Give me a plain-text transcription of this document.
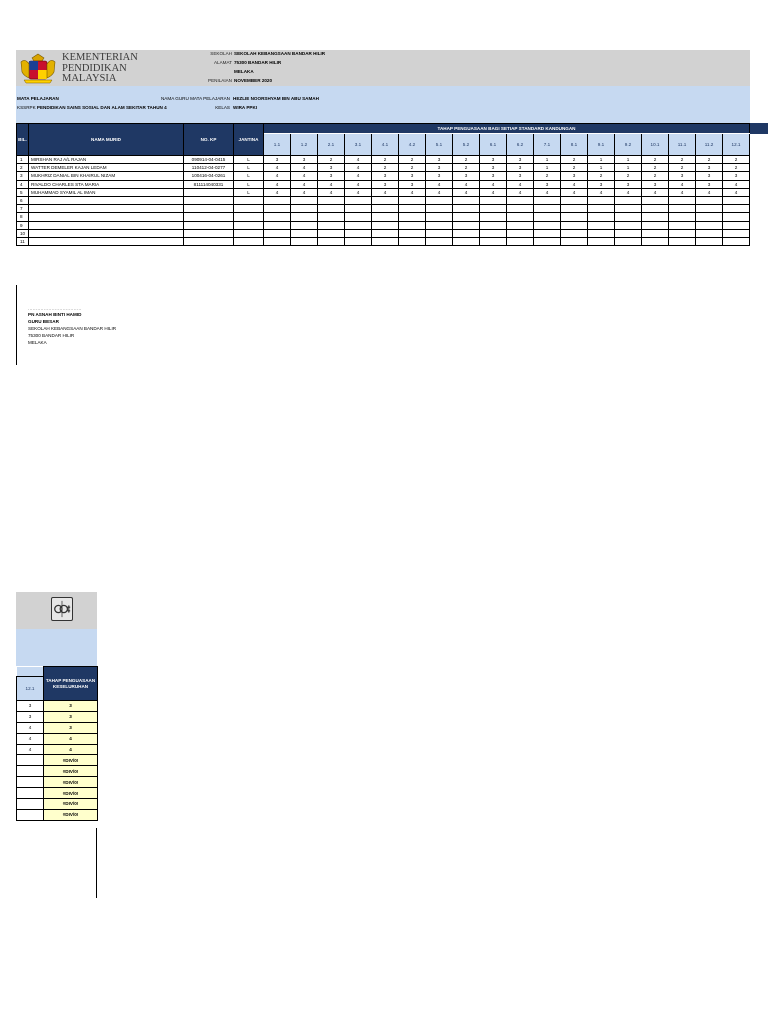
KEMENTERIAN
PENDIDIKAN
MALAYSIA
SEKOLAH SEKOLAH KEBANGSAAN BANDAR HILIR
ALAMAT 75300 BANDAR HILIR
MELAKA
PENILAIAN NOVEMBER 2020
MATA PELAJARAN
KSSRPK PENDIDIKAN SAINS SOSIAL DAN ALAM SEKITAR TAHUN 4
NAMA GURU MATA PELAJARAN HEZLIE NOORSHYAM BIN ABU SAMAH
KELAS WIRA PPKI
BIL.	NAMA MURID	NO. KP	JANTINA	TAHAP PENGUASAAN BAGI SETIAP STANDARD KANDUNGAN																	
				1.1	1.2	2.1	3.1	4.1	4.2	5.1	5.2	6.1	6.2	7.1	8.1	9.1	9.2	10.1	11.1	11.2	12.1
1	MIRSHAN RAJ A/L RAJAN	090914-04-0415	L	3	3	2	4	2	2	3	2	3	3	1	2	1	1	2	2	2	2
2	WATTER DEMELER KAJAN LEDAM	110412-04-0277	L	4	4	3	4	2	2	3	2	3	3	1	2	1	1	2	2	3	2
3	MUKHRIZ DANIAL BIN KHAIRUL NIZAM	100416-04-0261	L	4	4	3	4	3	3	3	3	3	3	2	3	2	2	2	3	3	3
4	RIVALDO CHARLES STA MARIA	811114040331	L	4	4	4	4	3	3	4	4	4	4	3	4	3	3	3	4	3	4
5	MUHAMMAD SYAMIL AL IMAN		L	4	4	4	4	4	4	4	4	4	4	4	4	4	4	4	4	4	4
6																					
7																					
8																					
9																					
10																					
11																					
..................................
PN ASNAH BINTI HAMID
GURU BESAR
SEKOLAH KEBANGSAAN BANDAR HILIR
75300 BANDAR HILIR
MELAKA
	TAHAP PENGUASAAN KESELURUHAN
12.1	
3	3
3	3
4	3
4	4
4	4
	#DIV/0!
	#DIV/0!
	#DIV/0!
	#DIV/0!
	#DIV/0!
	#DIV/0!
